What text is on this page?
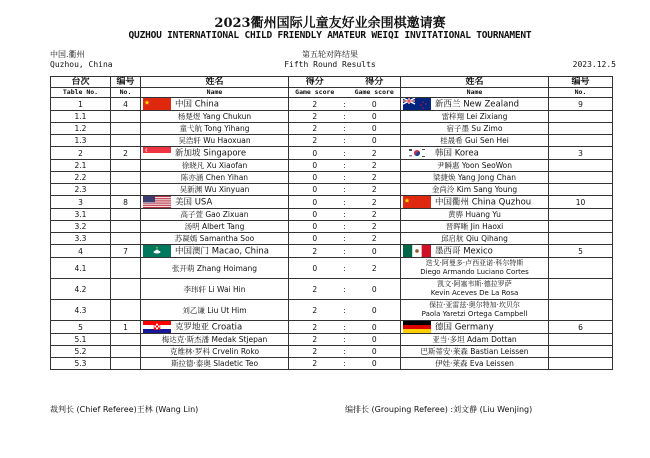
2023衢州国际儿童友好业余围棋邀请赛
QUZHOU INTERNATIONAL CHILD FRIENDLY AMATEUR WEIQI INVITATIONAL TOURNAMENT
中国.衢州
Quzhou, China
第五轮对阵结果
Fifth Round Results
	2023.12.5
台次	编号	姓名	得分		得分	姓名	编号
Table No.	No.	Name	Game score		Game score	Name	No.
1	4	中国 China	2	:	0	新西兰 New Zealand	9
1.1		杨楚煜 Yang Chukun	2	:	0	雷梓翔 Lei Zixiang	
1.2		童弋航 Tong Yihang	2	:	0	宿子墨 Su Zimo	
1.3		吴浩轩 Wu Haoxuan	2	:	0	桂晟希 Gui Sen Hei	
2	2	新加坡 Singapore	0	:	2	韩国 Korea	3
2.1		徐晓凡 Xu Xiaofan	0	:	2	尹瞬惠 Yoon SeoWon	
2.2		陈亦涵 Chen Yihan	0	:	2	梁捷焕 Yang Jong Chan	
2.3		吴新渊 Wu Xinyuan	0	:	2	金尚泠 Kim Sang Young	
3	8	美国 USA	0	:	2	中国衢州 China Quzhou	10
3.1		高子萱 Gao Zixuan	0	:	2	黄骅 Huang Yu	
3.2		汤明 Albert Tang	0	:	2	晋晖晰 Jin Haoxi	
3.3		苏凝嫣 Samantha Soo	0	:	2	邱启航 Qiu Qihang	
4	7	中国澳门 Macao, China	2	:	0	墨西哥 Mexico	5
4.1		张开萌 Zhang Hoimang	0	:	2	迭戈·阿曼多·卢西亚诺·科尔特斯
Diego Armando Luciano Cortes	

4.2		李玮轩 Li Wai Hin	2	:	0	凯文·阿塞韦斯·德拉罗萨
Kevin Aceves De La Rosa	

4.3		刘乙谦 Liu Ut Him	2	:	0	保拉·亚雷兹·奥尔特加·坎贝尔
Paola Yaretzi Ortega Campbell	

5	1	克罗地亚 Croatia	2	:	0	德国 Germany	6
5.1		梅达克·斯杰潘 Medak Stjepan	2	:	0	亚当·多坦 Adam Dottan	
5.2		克维林·罗科 Crvelin Roko	2	:	0	巴斯蒂安·莱森 Bastian Leissen	
5.3		斯拉德·泰奥 Sladetic Teo	2	:	0	伊娃·莱森 Eva Leissen	
裁判长 (Chief Referee)王林 (Wang Lin)	编排长 (Grouping Referee) :刘文静 (Liu Wenjing)
